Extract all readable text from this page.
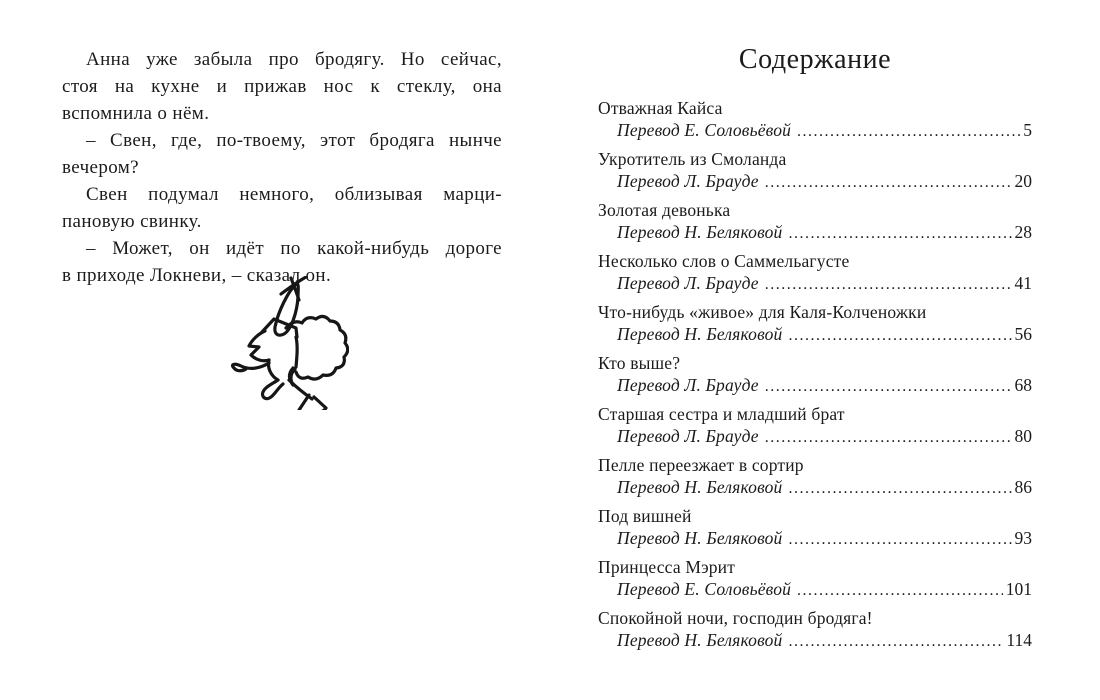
Анна уже забыла про бродягу. Но сейчас,
стоя на кухне и прижав нос к стеклу, она
вспомнила о нём.
– Свен, где, по-твоему, этот бродяга нынче
вечером?
Свен подумал немного, облизывая марци-
пановую свинку.
– Может, он идёт по какой-нибудь дороге
в приходе Локневи, – сказал он.
Содержание
Отважная Кайса
Перевод Е. Соловьёвой .....	5
Укротитель из Смоланда
Перевод Л. Брауде .....	20
Золотая девонька
Перевод Н. Беляковой .....	28
Несколько слов о Саммельагусте
Перевод Л. Брауде .....	41
Что-нибудь «живое» для Каля-Колченожки
Перевод Н. Беляковой .....	56
Кто выше?
Перевод Л. Брауде .....	68
Старшая сестра и младший брат
Перевод Л. Брауде .....	80
Пелле переезжает в сортир
Перевод Н. Беляковой .....	86
Под вишней
Перевод Н. Беляковой .....	93
Принцесса Мэрит
Перевод Е. Соловьёвой .....	101
Спокойной ночи, господин бродяга!
Перевод Н. Беляковой .....	114
